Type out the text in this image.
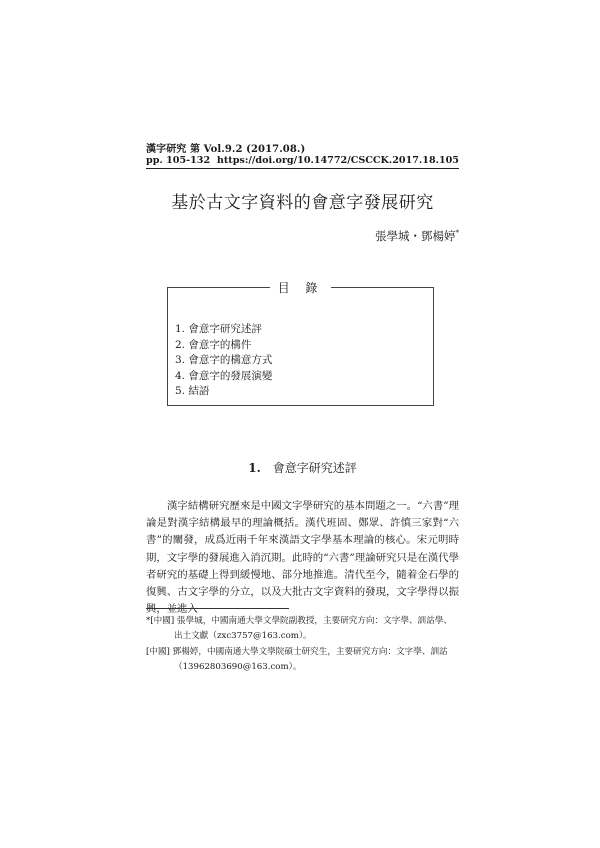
漢字研究 第 Vol.9.2 (2017.08.)
pp. 105-132 https://doi.org/10.14772/CSCCK.2017.18.105
基於古文字資料的會意字發展研究
張學城・鄧楊婷*
目 錄
1. 會意字研究述評
2. 會意字的構件
3. 會意字的構意方式
4. 會意字的發展演變
5. 結語
1. 會意字研究述評

漢字結構研究歷來是中國文字學研究的基本問題之一。“六書”理論是對漢字結構最早的理論概括。漢代班固、鄭眾、許慎三家對“六書”的闡發，成爲近兩千年來漢語文字學基本理論的核心。宋元明時期，文字學的發展進入消沉期。此時的“六書”理論研究只是在漢代學者研究的基礎上得到緩慢地、部分地推進。清代至今，隨着金石學的復興、古文字學的分立，以及大批古文字資料的發現，文字學得以振興，並進入

*[中國] 張學城，中國南通大學文學院副教授，主要研究方向：文字學、訓詁學、出土文獻（zxc3757@163.com）。

[中國] 鄧楊婷，中國南通大學文學院碩士研究生，主要研究方向：文字學、訓詁（13962803690@163.com）。
